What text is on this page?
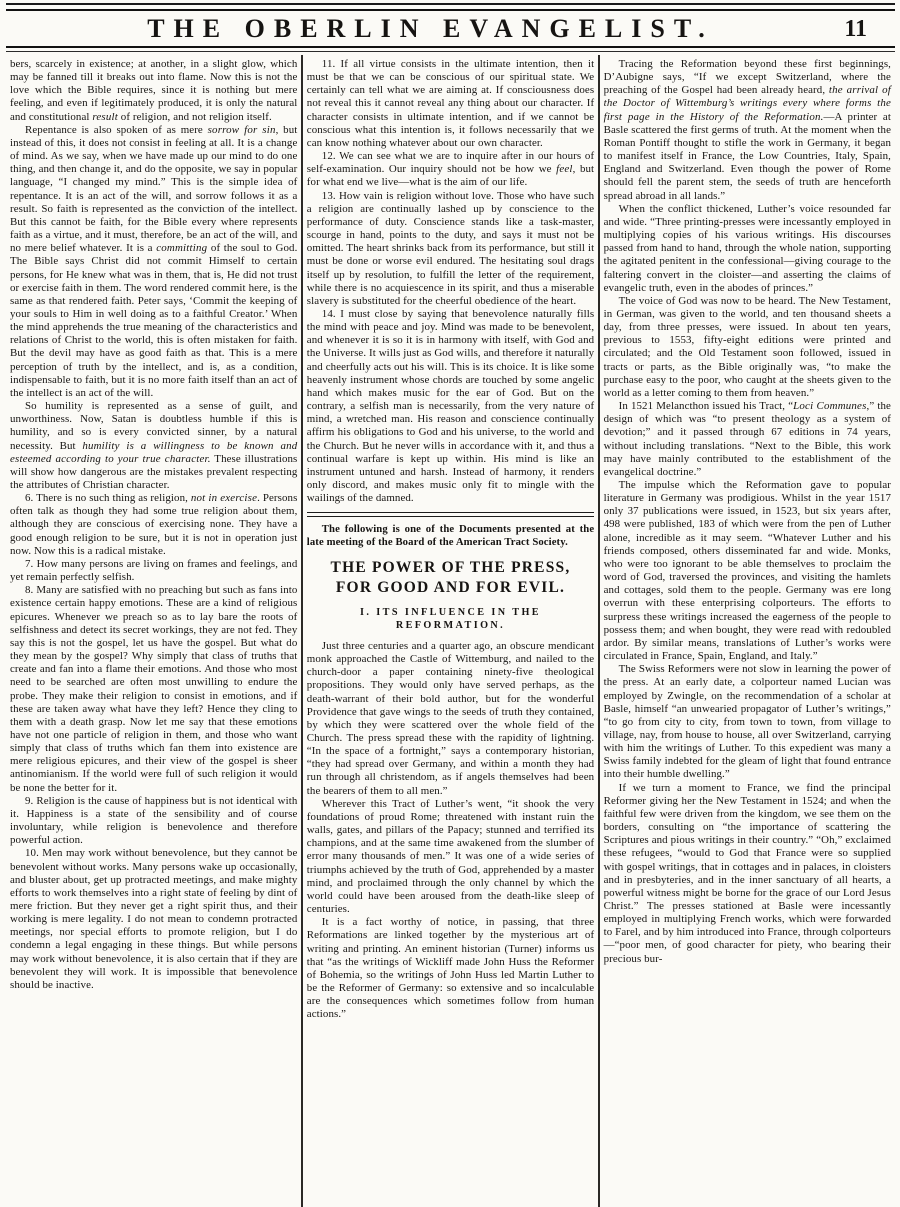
THE OBERLIN EVANGELIST.	11

bers, scarcely in existence; at another, in a slight glow, which may be fanned till it breaks out into flame. Now this is not the love which the Bible requires, since it is nothing but mere feeling, and even if legitimately produced, it is only the natural and constitutional result of religion, and not religion itself.

Repentance is also spoken of as mere sorrow for sin, but instead of this, it does not consist in feeling at all. It is a change of mind. As we say, when we have made up our mind to do one thing, and then change it, and do the opposite, we say in popular language, “I changed my mind.” This is the simple idea of repentance. It is an act of the will, and sorrow follows it as a result. So faith is represented as the conviction of the intellect. But this cannot be faith, for the Bible every where represents faith as a virtue, and it must, therefore, be an act of the will, and no mere belief whatever. It is a committing of the soul to God. The Bible says Christ did not commit Himself to certain persons, for He knew what was in them, that is, He did not trust or exercise faith in them. The word rendered commit here, is the same as that rendered faith. Peter says, ‘Commit the keeping of your souls to Him in well doing as to a faithful Creator.’ When the mind apprehends the true meaning of the characteristics and relations of Christ to the world, this is often mistaken for faith. But the devil may have as good faith as that. This is a mere perception of truth by the intellect, and is, as a condition, indispensable to faith, but it is no more faith itself than an act of the intellect is an act of the will.

So humility is represented as a sense of guilt, and unworthiness. Now, Satan is doubtless humble if this is humility, and so is every convicted sinner, by a natural necessity. But humility is a willingness to be known and esteemed according to your true character. These illustrations will show how dangerous are the mistakes prevalent respecting the attributes of Christian character.

6. There is no such thing as religion, not in exercise. Persons often talk as though they had some true religion about them, although they are conscious of exercising none. They have a good enough religion to be sure, but it is not in operation just now. Now this is a radical mistake.

7. How many persons are living on frames and feelings, and yet remain perfectly selfish.

8. Many are satisfied with no preaching but such as fans into existence certain happy emotions. These are a kind of religious epicures. Whenever we preach so as to lay bare the roots of selfishness and detect its secret workings, they are not fed. They say this is not the gospel, let us have the gospel. But what do they mean by the gospel? Why simply that class of truths that create and fan into a flame their emotions. And those who most need to be searched are often most unwilling to endure the probe. They make their religion to consist in emotions, and if these are taken away what have they left? Hence they cling to them with a death grasp. Now let me say that these emotions have not one particle of religion in them, and those who want simply that class of truths which fan them into existence are mere religious epicures, and their view of the gospel is sheer antinomianism. If the world were full of such religion it would be none the better for it.

9. Religion is the cause of happiness but is not identical with it. Happiness is a state of the sensibility and of course involuntary, while religion is benevolence and therefore powerful action.

10. Men may work without benevolence, but they cannot be benevolent without works. Many persons wake up occasionally, and bluster about, get up protracted meetings, and make mighty efforts to work themselves into a right state of feeling by dint of mere friction. But they never get a right spirit thus, and their working is mere legality. I do not mean to condemn protracted meetings, nor special efforts to promote religion, but I do condemn a legal engaging in these things. But while persons may work without benevolence, it is also certain that if they are benevolent they will work. It is impossible that benevolence should be inactive.

11. If all virtue consists in the ultimate intention, then it must be that we can be conscious of our spiritual state. We certainly can tell what we are aiming at. If consciousness does not reveal this it cannot reveal any thing about our character. If character consists in ultimate intention, and if we cannot be conscious what this intention is, it follows necessarily that we can know nothing whatever about our own character.

12. We can see what we are to inquire after in our hours of self-examination. Our inquiry should not be how we feel, but for what end we live—what is the aim of our life.

13. How vain is religion without love. Those who have such a religion are continually lashed up by conscience to the performance of duty. Conscience stands like a task-master, scourge in hand, points to the duty, and says it must not be omitted. The heart shrinks back from its performance, but still it must be done or worse evil endured. The hesitating soul drags itself up by resolution, to fulfill the letter of the requirement, while there is no acquiescence in its spirit, and thus a miserable slavery is substituted for the cheerful obedience of the heart.

14. I must close by saying that benevolence naturally fills the mind with peace and joy. Mind was made to be benevolent, and whenever it is so it is in harmony with itself, with God and the Universe. It wills just as God wills, and therefore it naturally and cheerfully acts out his will. This is its choice. It is like some heavenly instrument whose chords are touched by some angelic hand which makes music for the ear of God. But on the contrary, a selfish man is necessarily, from the very nature of mind, a wretched man. His reason and conscience continually affirm his obligations to God and his universe, to the world and the Church. But he never wills in accordance with it, and thus a continual warfare is kept up within. His mind is like an instrument untuned and harsh. Instead of harmony, it renders only discord, and makes music only fit to mingle with the wailings of the damned.

The following is one of the Documents presented at the late meeting of the Board of the American Tract Society.

THE POWER OF THE PRESS, FOR GOOD AND FOR EVIL.
I. ITS INFLUENCE IN THE REFORMATION.

Just three centuries and a quarter ago, an obscure mendicant monk approached the Castle of Wittemburg, and nailed to the church-door a paper containing ninety-five theological propositions. They would only have served perhaps, as the death-warrant of their bold author, but for the wonderful Providence that gave wings to the seeds of truth they contained, by which they were scattered over the whole field of the Church. The press spread these with the rapidity of lightning. “In the space of a fortnight,” says a contemporary historian, “they had spread over Germany, and within a month they had run through all christendom, as if angels themselves had been the bearers of them to all men.”

Wherever this Tract of Luther’s went, “it shook the very foundations of proud Rome; threatened with instant ruin the walls, gates, and pillars of the Papacy; stunned and terrified its champions, and at the same time awakened from the slumber of error many thousands of men.” It was one of a wide series of triumphs achieved by the truth of God, apprehended by a master mind, and proclaimed through the only channel by which the world could have been aroused from the death-like sleep of centuries.

It is a fact worthy of notice, in passing, that three Reformations are linked together by the mysterious art of writing and printing. An eminent historian (Turner) informs us that “as the writings of Wickliff made John Huss the Reformer of Bohemia, so the writings of John Huss led Martin Luther to be the Reformer of Germany: so extensive and so incalculable are the consequences which sometimes follow from human actions.”

Tracing the Reformation beyond these first beginnings, D’Aubigne says, “If we except Switzerland, where the preaching of the Gospel had been already heard, the arrival of the Doctor of Wittemburg’s writings every where forms the first page in the History of the Reformation.—A printer at Basle scattered the first germs of truth. At the moment when the Roman Pontiff thought to stifle the work in Germany, it began to manifest itself in France, the Low Countries, Italy, Spain, England and Switzerland. Even though the power of Rome should fell the parent stem, the seeds of truth are henceforth spread abroad in all lands.”

When the conflict thickened, Luther’s voice resounded far and wide. “Three printing-presses were incessantly employed in multiplying copies of his various writings. His discourses passed from hand to hand, through the whole nation, supporting the agitated penitent in the confessional—giving courage to the faltering convert in the cloister—and asserting the claims of evangelic truth, even in the abodes of princes.”

The voice of God was now to be heard. The New Testament, in German, was given to the world, and ten thousand sheets a day, from three presses, were issued. In about ten years, previous to 1553, fifty-eight editions were printed and circulated; and the Old Testament soon followed, issued in tracts or parts, as the Bible originally was, “to make the purchase easy to the poor, who caught at the sheets given to the world as a letter coming to them from heaven.”

In 1521 Melancthon issued his Tract, “Loci Communes,” the design of which was “to present theology as a system of devotion;” and it passed through 67 editions in 74 years, without including translations. “Next to the Bible, this work may have mainly contributed to the establishment of the evangelical doctrine.”

The impulse which the Reformation gave to popular literature in Germany was prodigious. Whilst in the year 1517 only 37 publications were issued, in 1523, but six years after, 498 were published, 183 of which were from the pen of Luther alone, incredible as it may seem. “Whatever Luther and his friends composed, others disseminated far and wide. Monks, who were too ignorant to be able themselves to proclaim the word of God, traversed the provinces, and visiting the hamlets and cottages, sold them to the people. Germany was ere long overrun with these enterprising colporteurs. The efforts to surpress these writings increased the eagerness of the people to possess them; and when bought, they were read with redoubled ardor. By similar means, translations of Luther’s works were circulated in France, Spain, England, and Italy.”

The Swiss Reformers were not slow in learning the power of the press. At an early date, a colporteur named Lucian was employed by Zwingle, on the recommendation of a scholar at Basle, himself “an unwearied propagator of Luther’s writings,” “to go from city to city, from town to town, from village to village, nay, from house to house, all over Switzerland, carrying with him the writings of Luther. To this expedient was many a Swiss family indebted for the gleam of light that found entrance into their humble dwelling.”

If we turn a moment to France, we find the principal Reformer giving her the New Testament in 1524; and when the faithful few were driven from the kingdom, we see them on the borders, consulting on “the importance of scattering the Scriptures and pious writings in their country.” “Oh,” exclaimed these refugees, “would to God that France were so supplied with gospel writings, that in cottages and in palaces, in cloisters and in presbyteries, and in the inner sanctuary of all hearts, a powerful witness might be borne for the grace of our Lord Jesus Christ.” The presses stationed at Basle were incessantly employed in multiplying French works, which were forwarded to Farel, and by him introduced into France, through colporteurs—“poor men, of good character for piety, who bearing their precious bur-
